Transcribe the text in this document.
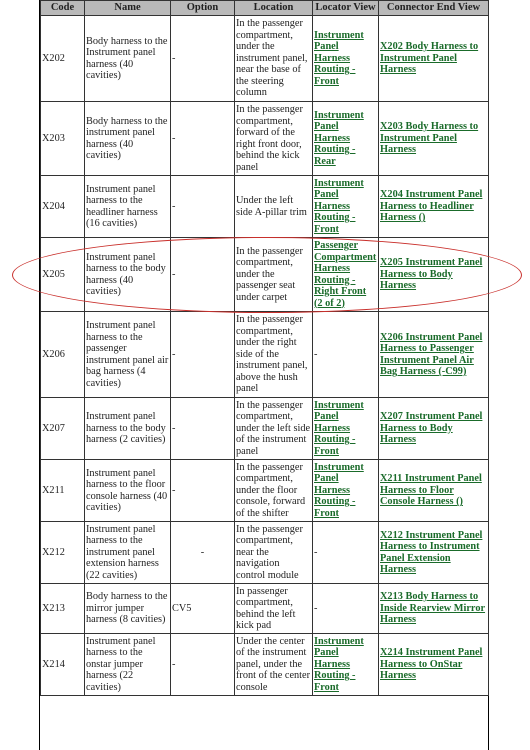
Code	Name	Option	Location	Locator View	Connector End View
X202	Body harness to the Instrument panel harness (40 cavities)	-	In the passenger compartment, under the instrument panel, near the base of the steering column	Instrument Panel Harness Routing - Front	X202 Body Harness to Instrument Panel Harness
X203	Body harness to the instrument panel harness (40 cavities)	-	In the passenger compartment, forward of the right front door, behind the kick panel	Instrument Panel Harness Routing - Rear	X203 Body Harness to Instrument Panel Harness
X204	Instrument panel harness to the headliner harness (16 cavities)	-	Under the left side A-pillar trim	Instrument Panel Harness Routing - Front	X204 Instrument Panel Harness to Headliner Harness ()
X205	Instrument panel harness to the body harness (40 cavities)	-	In the passenger compartment, under the passenger seat under carpet	Passenger Compartment Harness Routing - Right Front (2 of 2)	X205 Instrument Panel Harness to Body Harness
X206	Instrument panel harness to the passenger instrument panel air bag harness (4 cavities)	-	In the passenger compartment, under the right side of the instrument panel, above the hush panel	-	X206 Instrument Panel Harness to Passenger Instrument Panel Air Bag Harness (-C99)
X207	Instrument panel harness to the body harness (2 cavities)	-	In the passenger compartment, under the left side of the instrument panel	Instrument Panel Harness Routing - Front	X207 Instrument Panel Harness to Body Harness
X211	Instrument panel harness to the floor console harness (40 cavities)	-	In the passenger compartment, under the floor console, forward of the shifter	Instrument Panel Harness Routing - Front	X211 Instrument Panel Harness to Floor Console Harness ()
X212	Instrument panel harness to the instrument panel extension harness (22 cavities)	-	In the passenger compartment, near the navigation control module	-	X212 Instrument Panel Harness to Instrument Panel Extension Harness
X213	Body harness to the mirror jumper harness (8 cavities)	CV5	In passenger compartment, behind the left kick pad	-	X213 Body Harness to Inside Rearview Mirror Harness
X214	Instrument panel harness to the onstar jumper harness (22 cavities)	-	Under the center of the instrument panel, under the front of the center console	Instrument Panel Harness Routing - Front	X214 Instrument Panel Harness to OnStar Harness
